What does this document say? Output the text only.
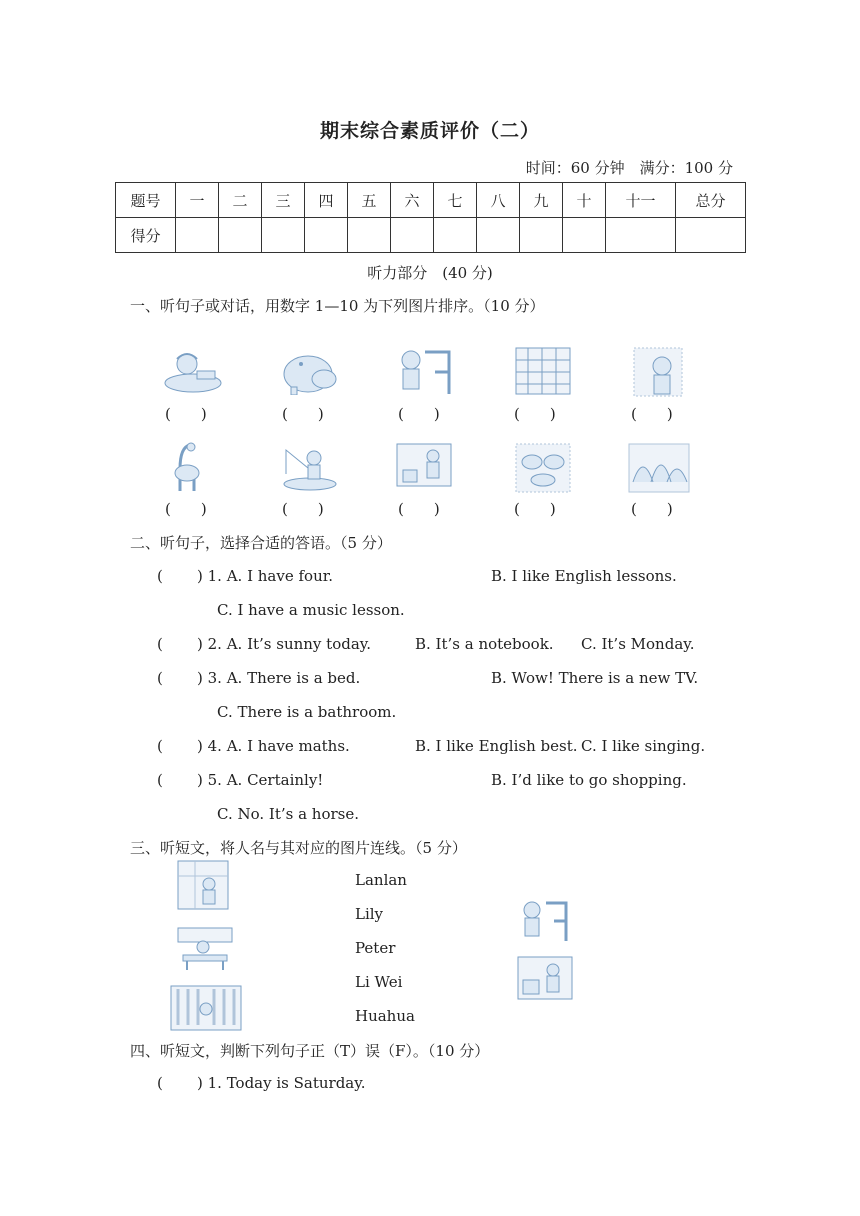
期末综合素质评价（二）
时间：60 分钟　满分：100 分
题号	一	二	三	四	五	六	七	八	九	十	十一	总分
得分												
听力部分　(40 分)
一、听句子或对话，用数字 1—10 为下列图片排序。（10 分）
(　　)	(　　)	(　　)	(　　)	(　　)
(　　)	(　　)	(　　)	(　　)	(　　)
二、听句子，选择合适的答语。（5 分）
( ) 1. A. I have four.	B. I like English lessons.
C. I have a music lesson.
( ) 2. A. It’s sunny today.	B. It’s a notebook. C. It’s Monday.
( ) 3. A. There is a bed.	B. Wow! There is a new TV.
C. There is a bathroom.
( ) 4. A. I have maths.	B. I like English best. C. I like singing.
( ) 5. A. Certainly!	B. I’d like to go shopping.
C. No. It’s a horse.
三、听短文，将人名与其对应的图片连线。（5 分）
Lanlan
Lily
Peter
Li Wei
Huahua
四、听短文，判断下列句子正（T）误（F）。（10 分）
( ) 1. Today is Saturday.
